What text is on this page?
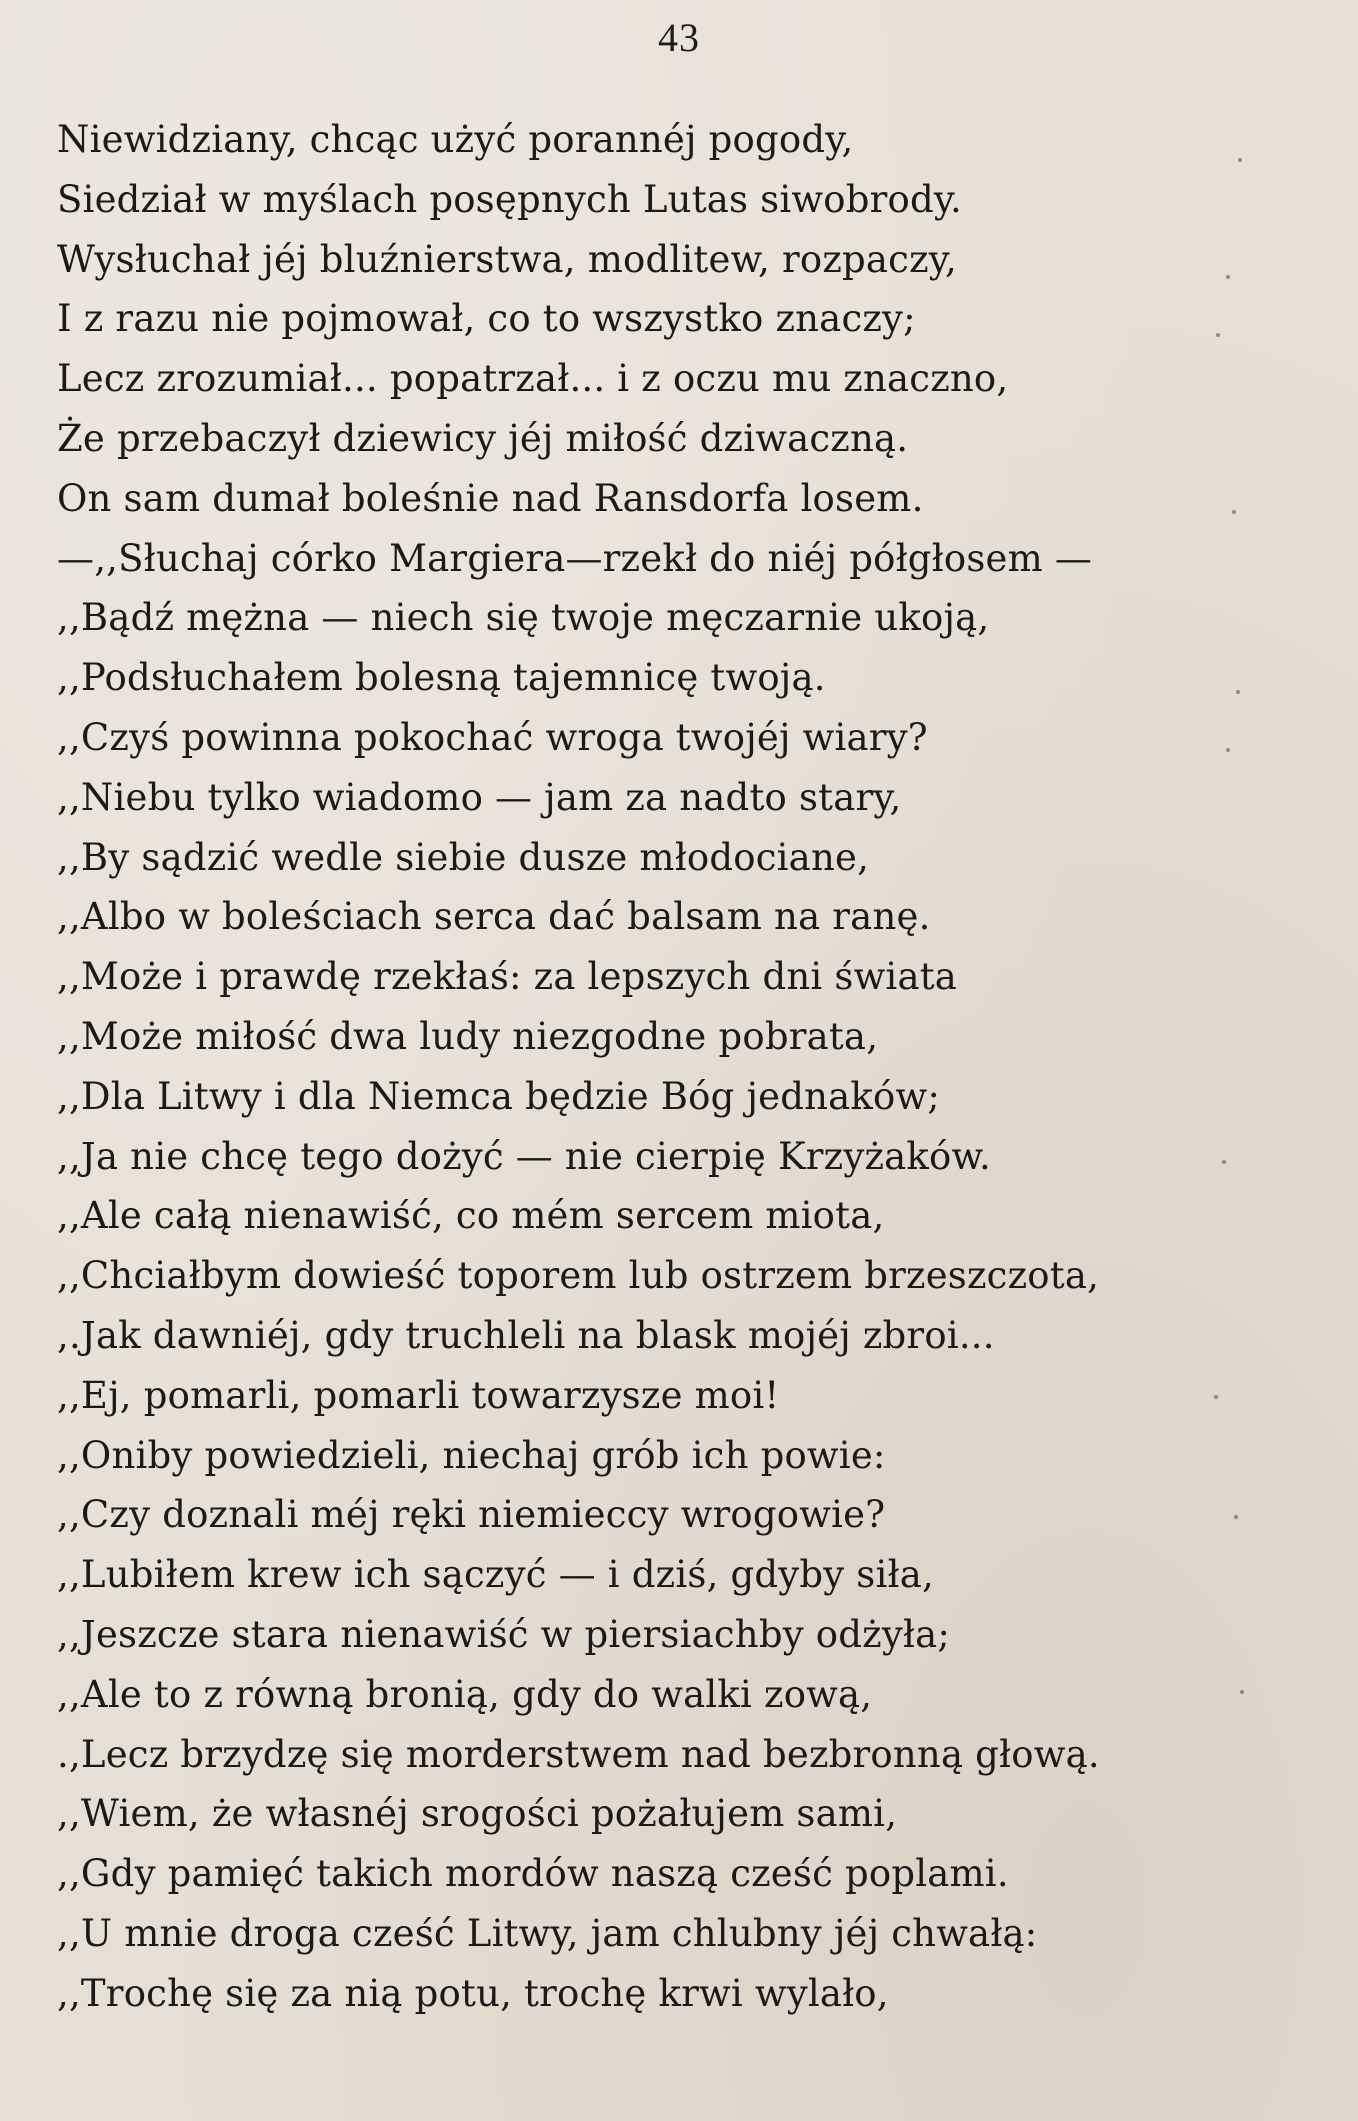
43
Niewidziany, chcąc użyć porannéj pogody,
Siedział w myślach posępnych Lutas siwobrody.
Wysłuchał jéj bluźnierstwa, modlitew, rozpaczy,
I z razu nie pojmował, co to wszystko znaczy;
Lecz zrozumiał... popatrzał... i z oczu mu znaczno,
Że przebaczył dziewicy jéj miłość dziwaczną.
On sam dumał boleśnie nad Ransdorfa losem.
—,,Słuchaj córko Margiera—rzekł do niéj półgłosem —
,,Bądź mężna — niech się twoje męczarnie ukoją,
,,Podsłuchałem bolesną tajemnicę twoją.
,,Czyś powinna pokochać wroga twojéj wiary?
,,Niebu tylko wiadomo — jam za nadto stary,
,,By sądzić wedle siebie dusze młodociane,
,,Albo w boleściach serca dać balsam na ranę.
,,Może i prawdę rzekłaś: za lepszych dni świata
,,Może miłość dwa ludy niezgodne pobrata,
,,Dla Litwy i dla Niemca będzie Bóg jednaków;
,,Ja nie chcę tego dożyć — nie cierpię Krzyżaków.
,,Ale całą nienawiść, co mém sercem miota,
,,Chciałbym dowieść toporem lub ostrzem brzeszczota,
,.Jak dawniéj, gdy truchleli na blask mojéj zbroi...
,,Ej, pomarli, pomarli towarzysze moi!
,,Oniby powiedzieli, niechaj grób ich powie:
,,Czy doznali méj ręki niemieccy wrogowie?
,,Lubiłem krew ich sączyć — i dziś, gdyby siła,
,,Jeszcze stara nienawiść w piersiachby odżyła;
,,Ale to z równą bronią, gdy do walki zową,
.,Lecz brzydzę się morderstwem nad bezbronną głową.
,,Wiem, że własnéj srogości pożałujem sami,
,,Gdy pamięć takich mordów naszą cześć poplami.
,,U mnie droga cześć Litwy, jam chlubny jéj chwałą:
,,Trochę się za nią potu, trochę krwi wylało,
